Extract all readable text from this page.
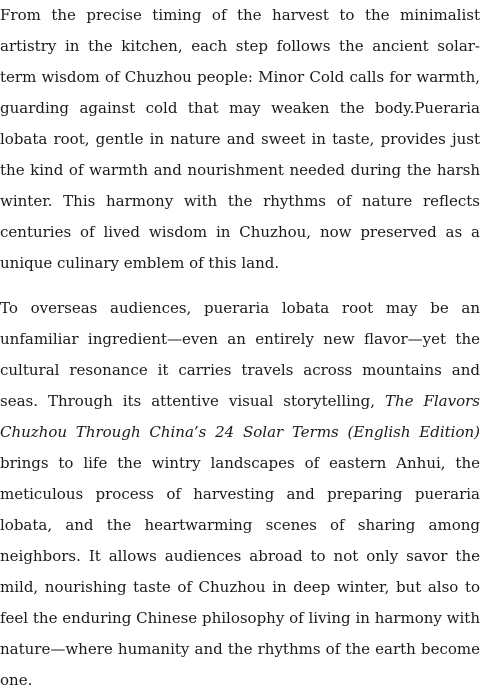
From the precise timing of the harvest to the minimalist artistry in the kitchen, each step follows the ancient solar-term wisdom of Chuzhou people: Minor Cold calls for warmth, guarding against cold that may weaken the body.Pueraria lobata root, gentle in nature and sweet in taste, provides just the kind of warmth and nourishment needed during the harsh winter. This harmony with the rhythms of nature reflects centuries of lived wisdom in Chuzhou, now preserved as a unique culinary emblem of this land.

To overseas audiences, pueraria lobata root may be an unfamiliar ingredient—even an entirely new flavor—yet the cultural resonance it carries travels across mountains and seas. Through its attentive visual storytelling, The Flavors Chuzhou Through China’s 24 Solar Terms (English Edition) brings to life the wintry landscapes of eastern Anhui, the meticulous process of harvesting and preparing pueraria lobata, and the heartwarming scenes of sharing among neighbors. It allows audiences abroad to not only savor the mild, nourishing taste of Chuzhou in deep winter, but also to feel the enduring Chinese philosophy of living in harmony with nature—where humanity and the rhythms of the earth become one.
